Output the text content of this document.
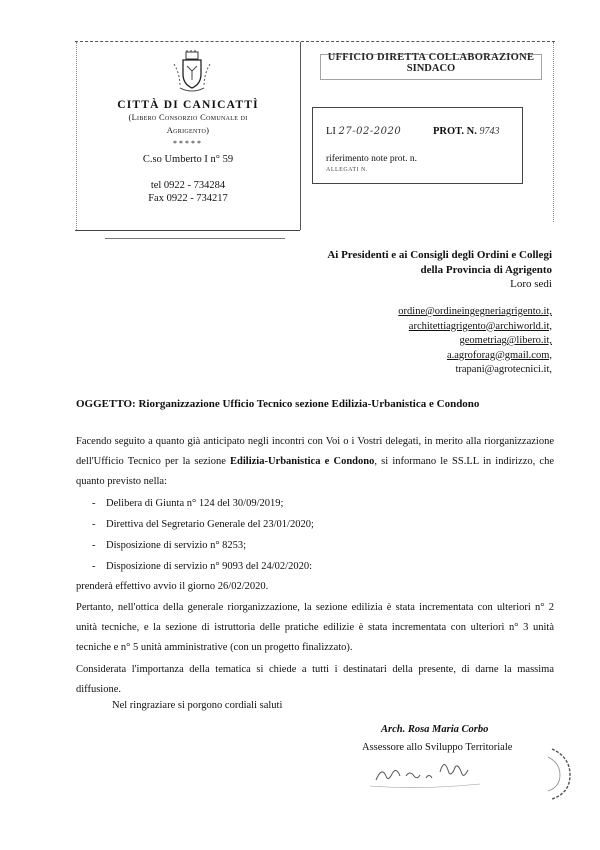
CITTÀ DI CANICATTÌ
(Libero Consorzio Comunale di
Agrigento)
*****
C.so Umberto I n° 59
tel 0922 - 734284
Fax 0922 - 734217
UFFICIO DIRETTA COLLABORAZIONE
SINDACO
LI 27-02-2020	PROT. N. 9743
riferimento note prot. n.
ALLEGATI N.
Ai Presidenti e ai Consigli degli Ordini e Collegi
della Provincia di Agrigento
Loro sedi
ordine@ordineingegneriagrigento.it,
architettiagrigento@archiworld.it,
geometriag@libero.it,
a.agroforag@gmail.com,
trapani@agrotecnici.it,
OGGETTO: Riorganizzazione Ufficio Tecnico sezione Edilizia-Urbanistica e Condono
Facendo seguito a quanto già anticipato negli incontri con Voi o i Vostri delegati, in merito alla riorganizzazione dell'Ufficio Tecnico per la sezione Edilizia-Urbanistica e Condono, si informano le SS.LL in indirizzo, che quanto previsto nella:
-	Delibera di Giunta n° 124 del 30/09/2019;
-	Direttiva del Segretario Generale del 23/01/2020;
-	Disposizione di servizio n° 8253;
-	Disposizione di servizio n° 9093 del 24/02/2020:
prenderà effettivo avvio il giorno 26/02/2020.
Pertanto, nell'ottica della generale riorganizzazione, la sezione edilizia è stata incrementata con ulteriori n° 2 unità tecniche, e la sezione di istruttoria delle pratiche edilizie è stata incrementata con ulteriori n° 3 unità tecniche e n° 5 unità amministrative (con un progetto finalizzato).
Considerata l'importanza della tematica si chiede a tutti i destinatari della presente, di darne la massima diffusione.
Nel ringraziare si porgono cordiali saluti
Arch. Rosa Maria Corbo
Assessore allo Sviluppo Territoriale
